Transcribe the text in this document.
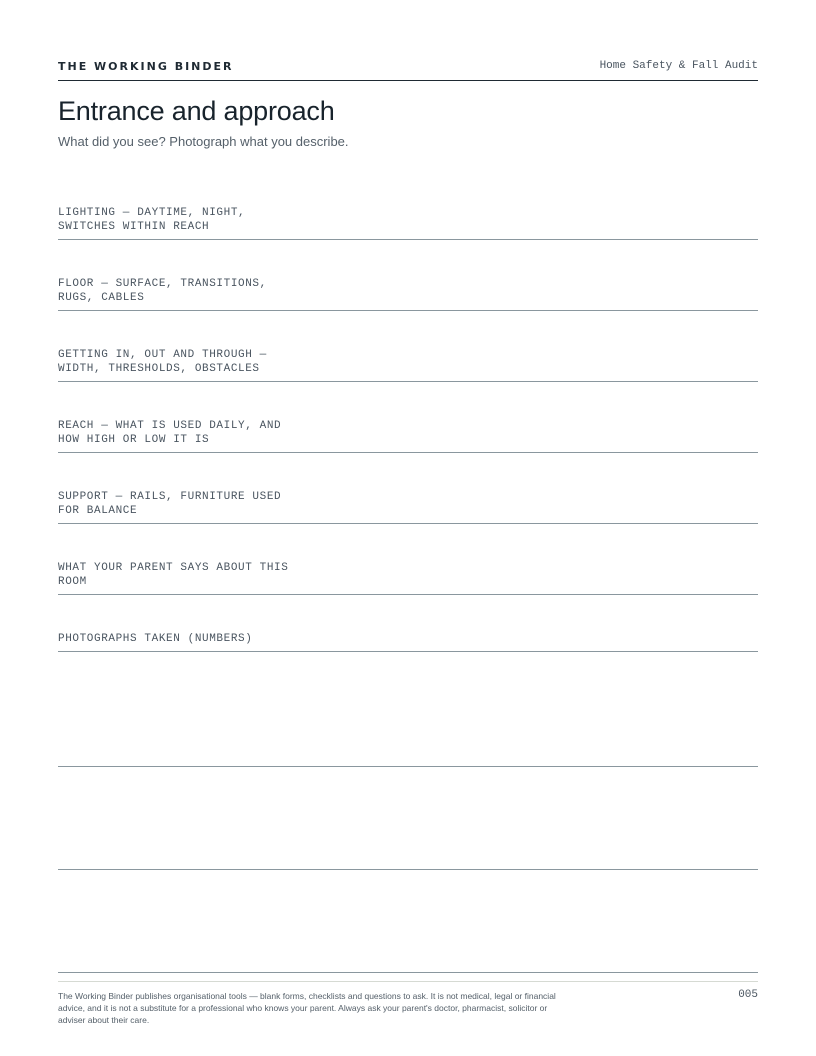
THE WORKING BINDER	Home Safety & Fall Audit
Entrance and approach

What did you see? Photograph what you describe.

LIGHTING — DAYTIME, NIGHT, SWITCHES WITHIN REACH
FLOOR — SURFACE, TRANSITIONS, RUGS, CABLES
GETTING IN, OUT AND THROUGH — WIDTH, THRESHOLDS, OBSTACLES
REACH — WHAT IS USED DAILY, AND HOW HIGH OR LOW IT IS
SUPPORT — RAILS, FURNITURE USED FOR BALANCE
WHAT YOUR PARENT SAYS ABOUT THIS ROOM
PHOTOGRAPHS TAKEN (NUMBERS)

The Working Binder publishes organisational tools — blank forms, checklists and questions to ask. It is not medical, legal or financial advice, and it is not a substitute for a professional who knows your parent. Always ask your parent's doctor, pharmacist, solicitor or adviser about their care.

005
